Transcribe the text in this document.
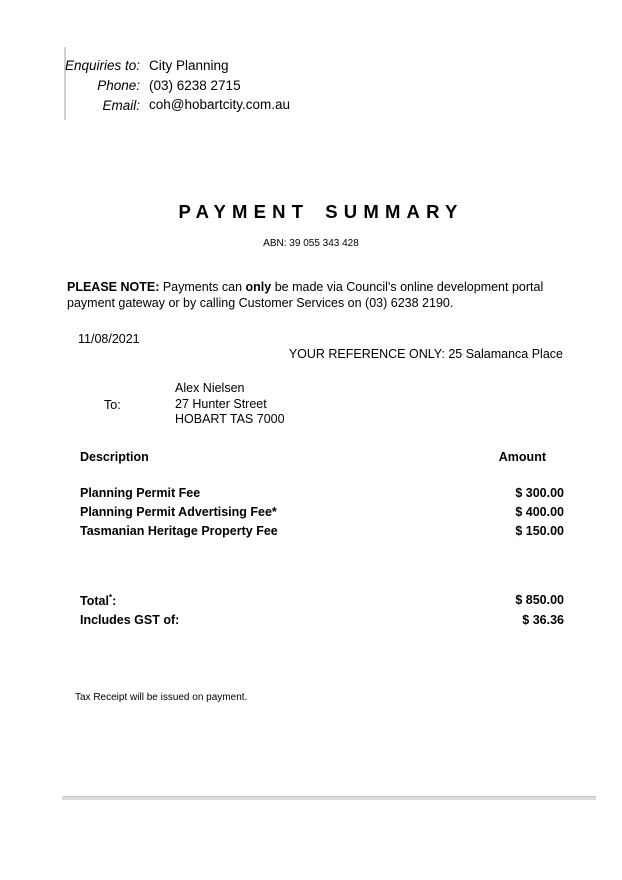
Enquiries to: City Planning
Phone: (03) 6238 2715
Email: coh@hobartcity.com.au
PAYMENT SUMMARY
ABN: 39 055 343 428
PLEASE NOTE: Payments can only be made via Council's online development portal payment gateway or by calling Customer Services on (03) 6238 2190.
11/08/2021
YOUR REFERENCE ONLY: 25 Salamanca Place
To:
Alex Nielsen
27 Hunter Street
HOBART TAS 7000
Description	Amount
Planning Permit Fee	$ 300.00
Planning Permit Advertising Fee*	$ 400.00
Tasmanian Heritage Property Fee	$ 150.00
Total*:	$ 850.00
Includes GST of:	$ 36.36
Tax Receipt will be issued on payment.
